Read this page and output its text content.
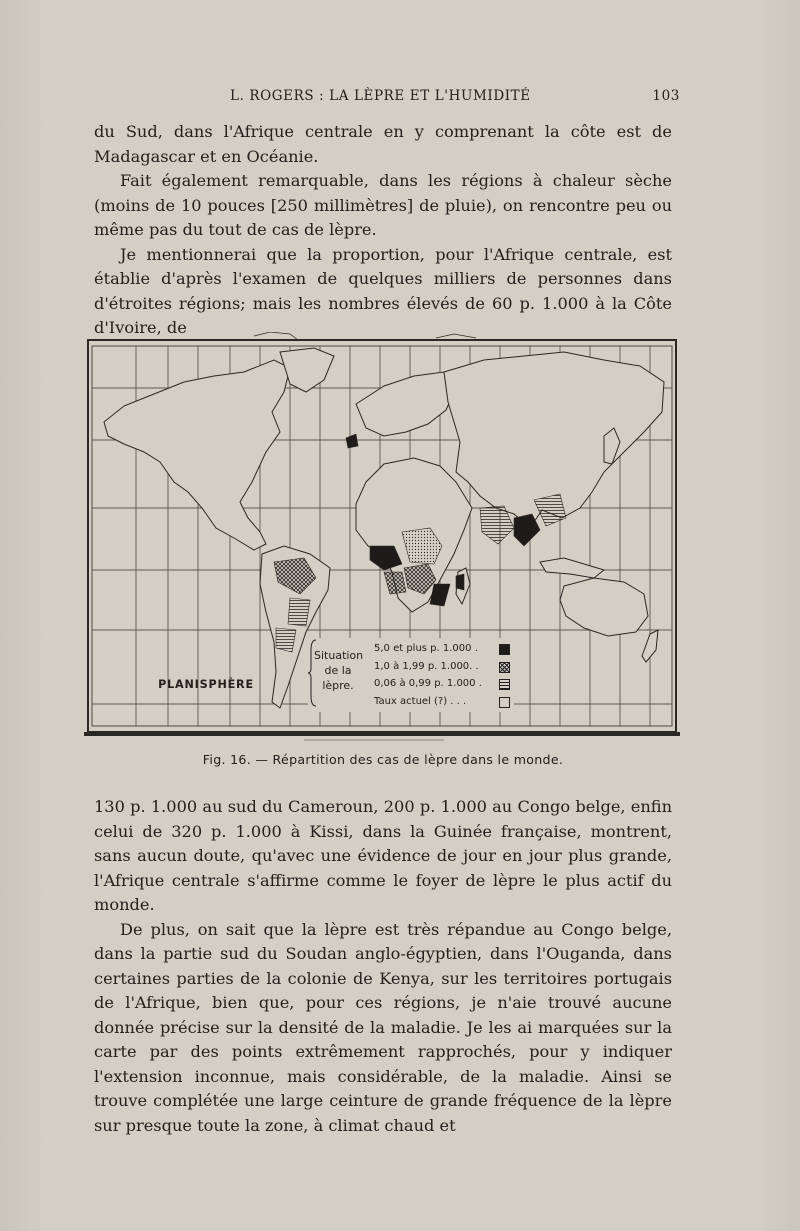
L. ROGERS : LA LÈPRE ET L'HUMIDITÉ	103

du Sud, dans l'Afrique centrale en y comprenant la côte est de Madagascar et en Océanie.

Fait également remarquable, dans les régions à chaleur sèche (moins de 10 pouces [250 millimètres] de pluie), on rencontre peu ou même pas du tout de cas de lèpre.

Je mentionnerai que la proportion, pour l'Afrique centrale, est établie d'après l'examen de quelques milliers de personnes dans d'étroites régions; mais les nombres élevés de 60 p. 1.000 à la Côte d'Ivoire, de

Situation de la lèpre.
5,0 et plus p. 1.000 .
1,0 à 1,99 p. 1.000. .
0,06 à 0,99 p. 1.000 .
Taux actuel (?) . . .
PLANISPHÈRE
Fig. 16. — Répartition des cas de lèpre dans le monde.

130 p. 1.000 au sud du Cameroun, 200 p. 1.000 au Congo belge, enfin celui de 320 p. 1.000 à Kissi, dans la Guinée française, montrent, sans aucun doute, qu'avec une évidence de jour en jour plus grande, l'Afrique centrale s'affirme comme le foyer de lèpre le plus actif du monde.

De plus, on sait que la lèpre est très répandue au Congo belge, dans la partie sud du Soudan anglo-égyptien, dans l'Ouganda, dans certaines parties de la colonie de Kenya, sur les territoires portugais de l'Afrique, bien que, pour ces régions, je n'aie trouvé aucune donnée précise sur la densité de la maladie. Je les ai marquées sur la carte par des points extrêmement rapprochés, pour y indiquer l'extension inconnue, mais considérable, de la maladie. Ainsi se trouve complétée une large ceinture de grande fréquence de la lèpre sur presque toute la zone, à climat chaud et
